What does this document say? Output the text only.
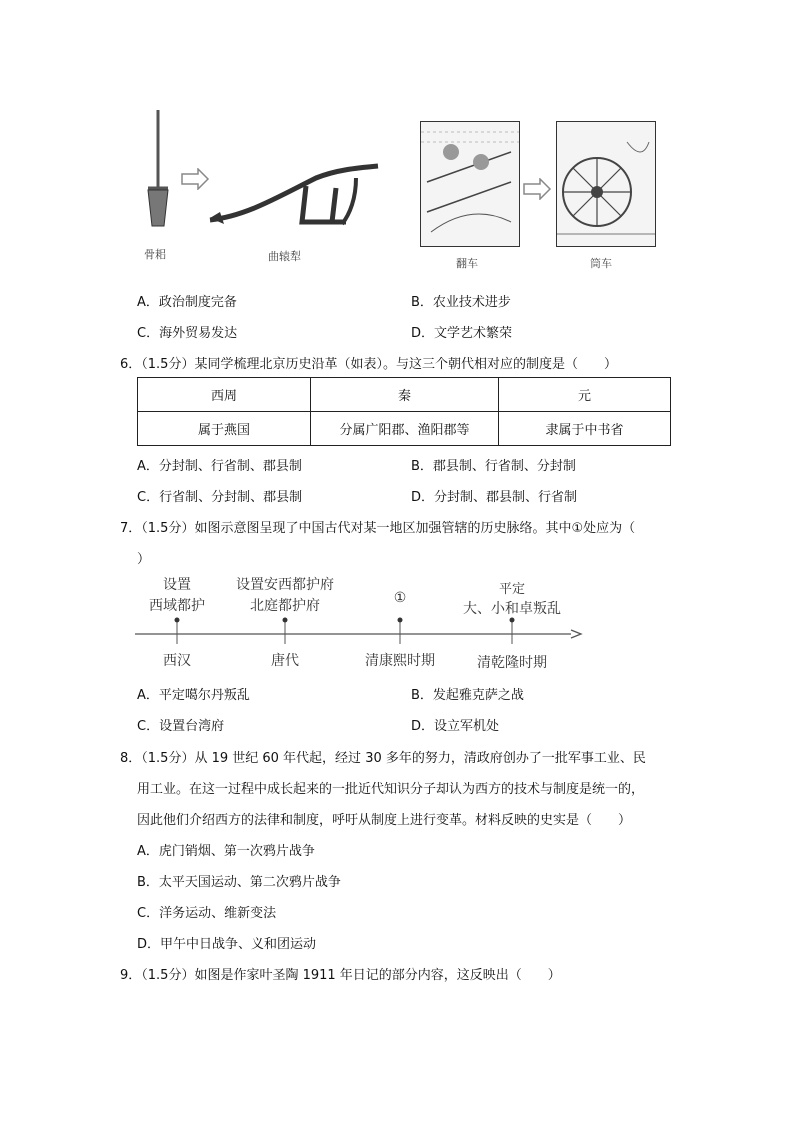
骨耜	曲辕犁
翻车	筒车
A．政治制度完备	B．农业技术进步
C．海外贸易发达	D．文学艺术繁荣
6．（1.5分）某同学梳理北京历史沿革（如表）。与这三个朝代相对应的制度是（　　）
西周	秦	元
属于燕国	分属广阳郡、渔阳郡等	隶属于中书省
A．分封制、行省制、郡县制	B．郡县制、行省制、分封制
C．行省制、分封制、郡县制	D．分封制、郡县制、行省制
7．（1.5分）如图示意图呈现了中国古代对某一地区加强管辖的历史脉络。其中①处应为（
）
设置
西域都护
西汉
设置安西都护府
北庭都护府
唐代
①
清康熙时期
平定
大、小和卓叛乱
清乾隆时期
A．平定噶尔丹叛乱	B．发起雅克萨之战
C．设置台湾府	D．设立军机处
8．（1.5分）从 19 世纪 60 年代起，经过 30 多年的努力，清政府创办了一批军事工业、民
用工业。在这一过程中成长起来的一批近代知识分子却认为西方的技术与制度是统一的，
因此他们介绍西方的法律和制度，呼吁从制度上进行变革。材料反映的史实是（　　）
A．虎门销烟、第一次鸦片战争
B．太平天国运动、第二次鸦片战争
C．洋务运动、维新变法
D．甲午中日战争、义和团运动
9．（1.5分）如图是作家叶圣陶 1911 年日记的部分内容，这反映出（　　）
